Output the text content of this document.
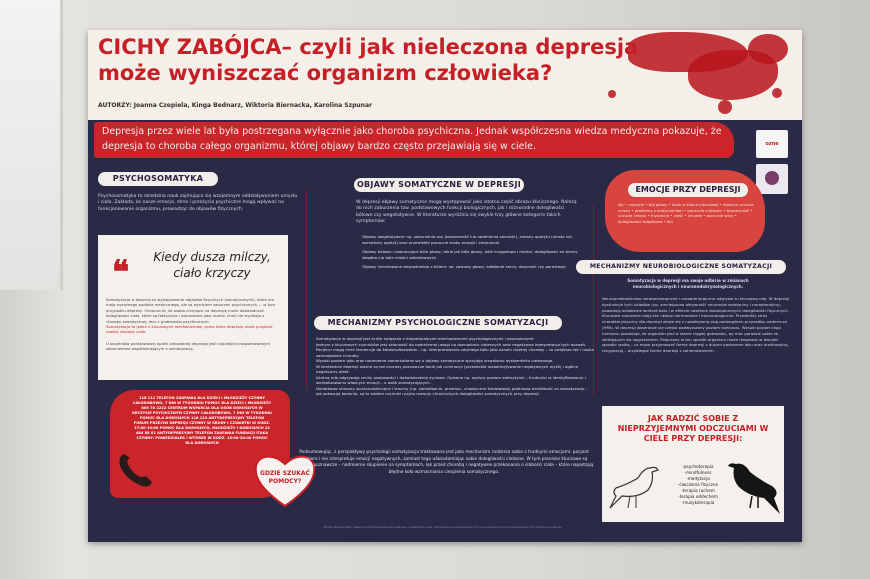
CICHY ZABÓJCA– czyli jak nieleczona depresja może wyniszczać organizm człowieka?
AUTORZY: Joanna Czepiela, Kinga Bednarz, Wiktoria Biernacka, Karolina Szpunar
Depresja przez wiele lat była postrzegana wyłącznie jako choroba psychiczna. Jednak współczesna wiedza medyczna pokazuje, że depresja to choroba całego organizmu, której objawy bardzo często przejawiają się w ciele.	ozne
PSYCHOSOMATYKA
Psychosomatyka to dziedzina nauk zajmująca się wzajemnym oddziaływaniem umysłu i ciała. Zakłada, że nasze emocje, stres i przeżycia psychiczne mogą wpływać na funkcjonowanie organizmu, prowadząc do objawów fizycznych.
❝ Kiedy dusza milczy,
ciało krzyczy
Somatyzacja w depresji to występowanie objawów fizycznych (somatycznych), które nie mają wyraźnego podłoża medycznego, ale są wynikiem zaburzeń psychicznych — w tym przypadku depresji. Oznacza to, że osoba cierpiąca na depresję może doświadczać dolegliwości ciała, które są faktycznie i odczuwane jako realne, choć nie wynikają z choroby somatycznej, lecz z problemów psychicznych.
Somatyzacja to jeden z kluczowych mechanizmów, przez które depresja może przybrać maskę choroby ciała.
U pacjentów podstawowej opieki zdrowotnej depresja jest najczęściej rozpoznawanym zaburzeniem współistniejącym z somatyzacją.
116 111 TELEFON ZAUFANIA DLA DZIECI I MŁODZIEŻY CZYNNY CAŁODOBOWO, 7 DNI W TYGODNIU POMOC DLA DZIECI I MŁODZIEŻY 800 70 2222 CENTRUM WSPARCIA DLA OSÓB DOROSŁYCH W KRYZYSIE PSYCHICZNYM CZYNNY CAŁODOBOWO, 7 DNI W TYGODNIU POMOC DLA DOROSŁYCH 116 123 ANTYDEPRESYJNY TELEFON FORUM PRZECIW DEPRESJI CZYNNY W ŚRODY I CZWARTKI W GODZ. 17:00-19:00 POMOC DLA DOROSŁYCH, MŁODZIEŻY I DOROSŁYCH 22 484 88 01 ANTYDEPRESYJNY TELEFON ZAUFANIA FUNDACJI ITAKA CZYNNY: PONIEDZIAŁEK I WTOREK W GODZ. 15:00-20:00 POMOC DLA DOROSŁYCH
GDZIE SZUKAĆ POMOCY?
OBJAWY SOMATYCZNE W DEPRESJI
W depresji objawy somatyczne mogą występować jako istotna część obrazu klinicznego. Należą do nich zaburzenia tzw. podstawowych funkcji biologicznych, jak i różnorodne dolegliwości bólowe czy wegetatywne. W literaturze wyróżnia się zwykle trzy główne kategorie takich symptomów:
Objawy wegetatywne: np. zaburzenia snu (bezsenność lub nadmierna senność), zmiany apetytu (utrata lub wzmożony apetyt) oraz przewlekłe poczucie braku energii i zmęczenie
Objawy bólowe: nawracające bóle głowy, takie jak bóle głowy, bóle kręgosłupa i mięśni, dolegliwości ze strony żołądka lub bóle mięśni szkieletowych
Objawy niecelowane bezpośrednio z bólem: np. zawroty głowy, kołatanie serca, duszność czy parestezje
MECHANIZMY PSYCHOLOGICZNE SOMATYZACJI
Somatyzacja w depresji jest ściśle związana z indywidualnymi mechanizmami psychologicznymi i poznawczymi:
Jednym z kluczowych czynników jest skłonność do nadmiernej uwagi na doznaniach cielesnych oraz negatywna interpretacja tych doznań.
Pacjenci mogą mieć tendencje do katastrofizowania – np. interpretowania zwykłego bólu jako oznaki ciężkiej choroby – co zwiększa lęk i nasila samoopisane choroby.
Wysoki poziom lęku oraz nadmierne zamartwianie się o objawy somatyczne sprzyjają utrwalaniu dyskomfortu cielesnego.
W kontekście depresji ważne są też procesy poznawcze takie jak ruminacje (przewlekłe rozpamiętywanie negatywnych myśli) i ogólne negatywny afekt.
Istotną rolę odgrywają cechy osobowości i doświadczenia życiowe. Opisano np. wyższy poziom aleksytymii – trudności w identyfikowaniu i werbalizowaniu własnych emocji – u osób somatyzujących.
Dodatkowo stresory wczesnodziecięce i traumy (np. zaniedbanie, przemoc, chaotyczne środowisko) podnoszą wrażliwość na somatyzację – jak pokazują badania, są to istotne czynniki ryzyka rozwoju chronicznych dolegliwości somatycznych przy depresji.
Podsumowując, z perspektywy psychologii somatyzacja traktowana jest jako mechanizm radzenia sobie z trudnymi emocjami: pacjent wypiera i nie interpretuje emocji negatywnych, zamiast tego uświadamiając sobie dolegliwości cielesne. W tym procesie kluczowe są czynniki poznawcze – nadmierne skupienie na symptomach, lęk przed chorobą i negatywne przekonania o słabości ciała – które napędzają błędne koło wzmacniania cierpienia somatycznego.
Źródła: Bibliografia i materiały źródłowe dotyczące depresji, somatyzacji oraz mechanizmów psychologicznych i neurobiologicznych wykorzystane przy tworzeniu plakatu.
EMOCJE PRZY DEPRESJI
lęk • napięcie • ból głowy • ścisk w klatce piersiowej • bolesne uczucie ucisku • problemy z oddychaniem • poczucie ciężkości • bezsenność • uczucie chłodu • frustracja • złość • smutek • poczucie winy • dolegliwości żołądkowe • ból
MECHANIZMY NEUROBIOLOGICZNE SOMATYZACJI
Somatyzacja w depresji ma swoje odbicie w zmianach neurobiologicznych i neuroendokrynologicznych.
Neuroprzekaźnictwo serotoninergiczne i noradrenergiczne odgrywa tu kluczową rolę. W depresji dysfunkcje tych układów (np. zmniejszona aktywność neuronów serotoniny i noradrenaliny) powodują osłabienie kontroli bólu i w efekcie nasilenie doświadczanych dolegliwości fizycznych. Kluczowe znaczenie mają też układy hormonalne i immunologiczne. Przewlekły stres charakterystyczny dla depresji wiąże się z nadaktywną osią podwzgórze–przysadka–nadnercza (HPA). W depresji obserwuje się często podwyższony poziom kortyzolu. Wysoki poziom tego hormonu powoduje, że organizm jest w stanie ciągłej gotowości, by móc poradzić sobie ze zbliżającym się zagrożeniem. Połączony w ten sposób organizm może reagować w dwojaki sposób: walką – co może przyjmować formę depresji z dużym poziomem lęku oraz drażliwością, rezygnacją – przybiegać formę depresji z zahamowaniem.
JAK RADZIĆ SOBIE Z NIEPRZYJEMNYMI ODCZUCIAMI W CIELE PRZY DEPRESJI:
-psychoterapia
-mindfulness
-medytacja
-ćwiczenia fizyczne
-terapia ruchem
-terapia oddechem
-muzykoterapia
